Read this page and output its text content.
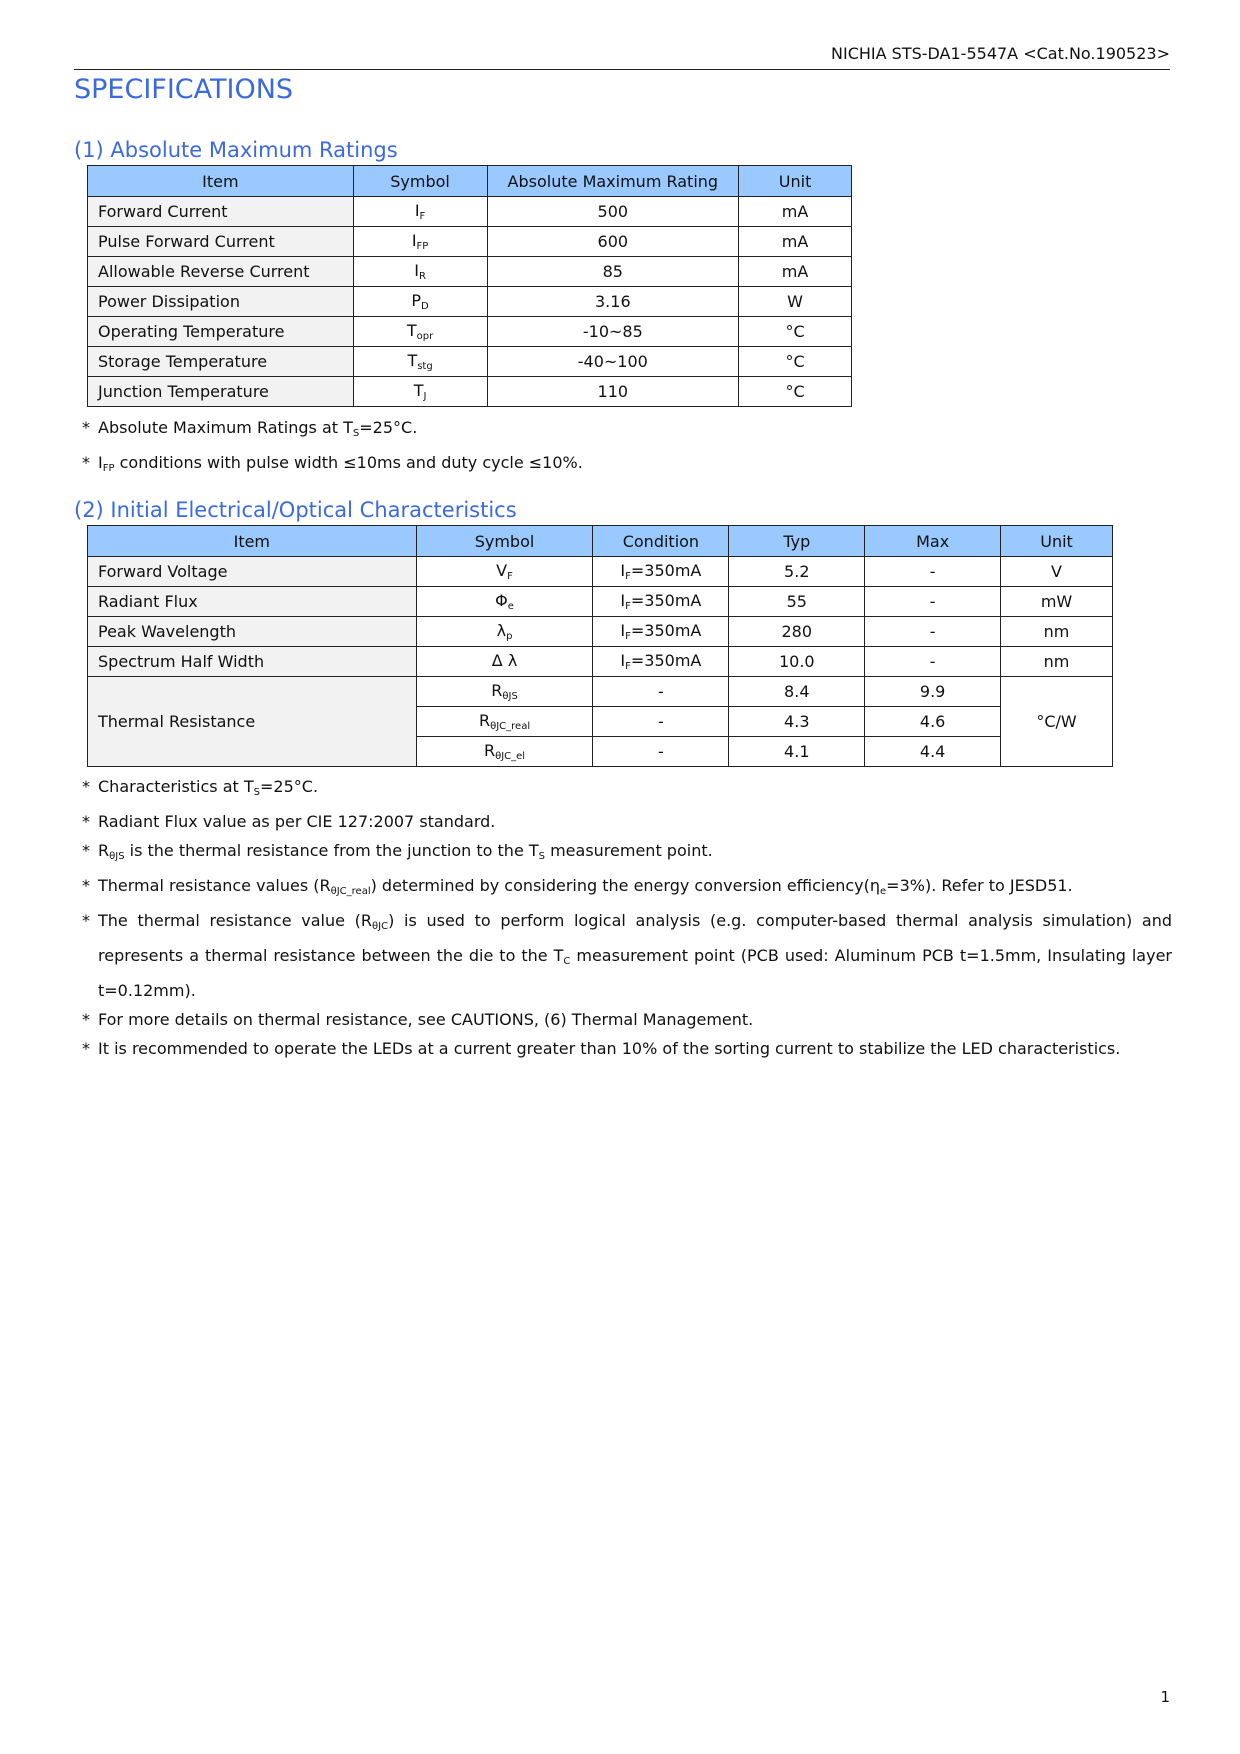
NICHIA STS-DA1-5547A <Cat.No.190523>
SPECIFICATIONS
(1) Absolute Maximum Ratings
Item	Symbol	Absolute Maximum Rating	Unit
Forward Current	$I_F$	500	mA
Pulse Forward Current	$I_{FP}$	600	mA
Allowable Reverse Current	$I_R$	85	mA
Power Dissipation	$P_D$	3.16	W
Operating Temperature	$T_{opr}$	-10~85	°C
Storage Temperature	$T_{stg}$	-40~100	°C
Junction Temperature	$T_J$	110	°C
* Absolute Maximum Ratings at $T_S=25^\circ C$.
* $I_{FP}$ conditions with pulse width ≤10ms and duty cycle ≤10%.
(2) Initial Electrical/Optical Characteristics
Item	Symbol	Condition	Typ	Max	Unit
Forward Voltage	$V_F$	$I_F=350mA$	5.2	-	V
Radiant Flux	$\Phi_e$	$I_F=350mA$	55	-	mW
Peak Wavelength	$\lambda_p$	$I_F=350mA$	280	-	nm
Spectrum Half Width	Δ λ	$I_F=350mA$	10.0	-	nm
Thermal Resistance	$R_{\theta JS}$	-	8.4	9.9	°C/W
	$R_{\theta JC\_real}$	-	4.3	4.6	
	$R_{\theta JC\_el}$	-	4.1	4.4	
* Characteristics at $T_S=25^\circ C$.
* Radiant Flux value as per CIE 127:2007 standard.
* $R_{\theta JS}$ is the thermal resistance from the junction to the $T_S$ measurement point.
* Thermal resistance values $(R_{\theta JC\_real})$ determined by considering the energy conversion $efficiency(\eta_e=3\%)$. Refer to JESD51.
* The thermal resistance value $(R_{\theta JC})$ is used to perform logical analysis (e.g. computer-based thermal analysis simulation) and represents a thermal resistance between the die to the $T_C$ measurement point (PCB used: Aluminum PCB t=1.5mm, Insulating layer t=0.12mm).
* For more details on thermal resistance, see CAUTIONS, (6) Thermal Management.
* It is recommended to operate the LEDs at a current greater than 10% of the sorting current to stabilize the LED characteristics.
1
